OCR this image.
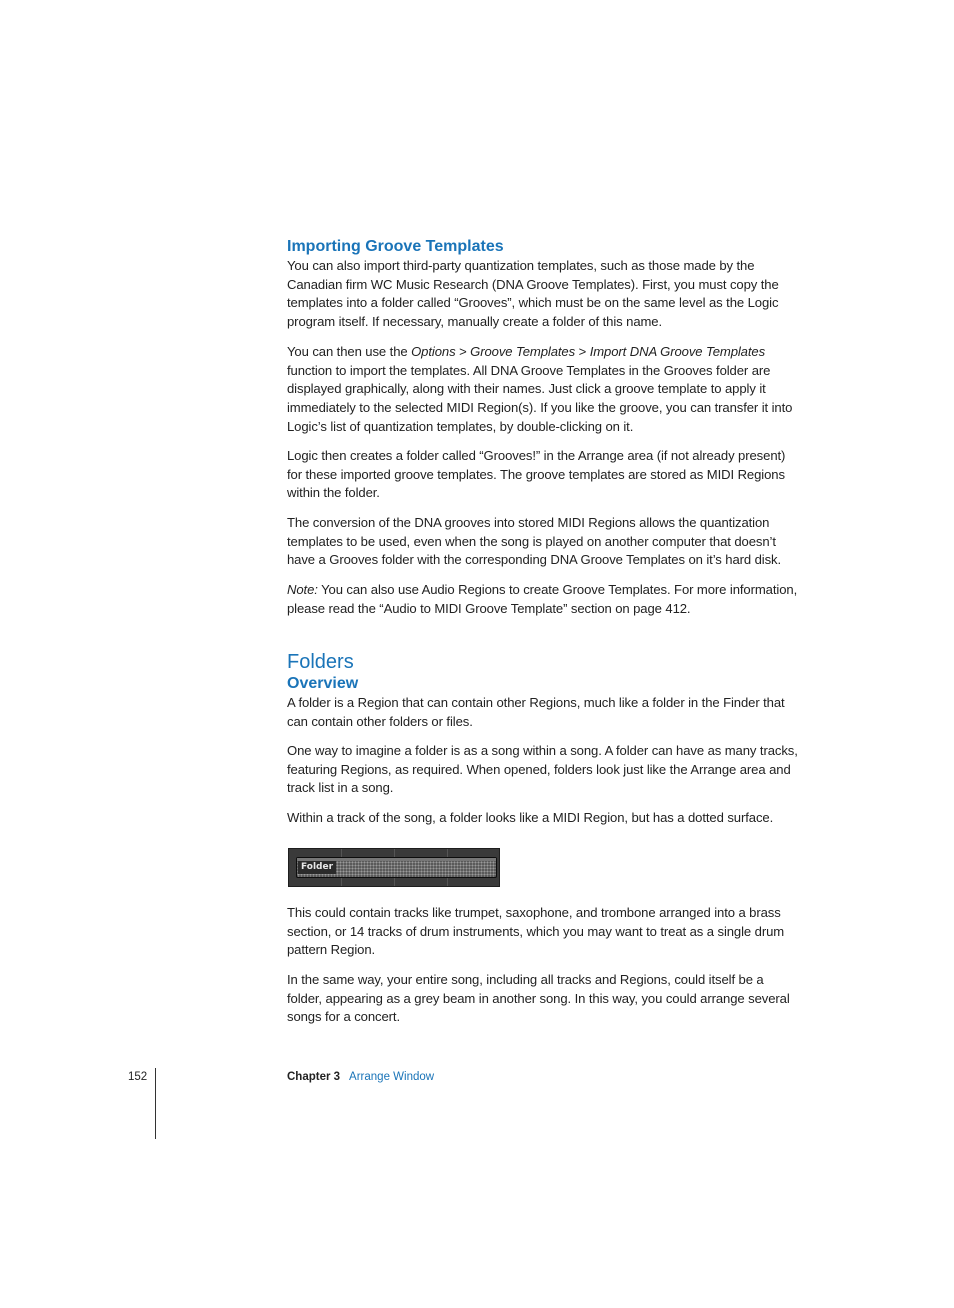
Importing Groove Templates

You can also import third-party quantization templates, such as those made by the Canadian firm WC Music Research (DNA Groove Templates). First, you must copy the templates into a folder called “Grooves”, which must be on the same level as the Logic program itself. If necessary, manually create a folder of this name.

You can then use the Options > Groove Templates > Import DNA Groove Templates function to import the templates. All DNA Groove Templates in the Grooves folder are displayed graphically, along with their names. Just click a groove template to apply it immediately to the selected MIDI Region(s). If you like the groove, you can transfer it into Logic’s list of quantization templates, by double-clicking on it.

Logic then creates a folder called “Grooves!” in the Arrange area (if not already present) for these imported groove templates. The groove templates are stored as MIDI Regions within the folder.

The conversion of the DNA grooves into stored MIDI Regions allows the quantization templates to be used, even when the song is played on another computer that doesn’t have a Grooves folder with the corresponding DNA Groove Templates on it’s hard disk.

Note: You can also use Audio Regions to create Groove Templates. For more information, please read the “Audio to MIDI Groove Template” section on page 412.

Folders
Overview

A folder is a Region that can contain other Regions, much like a folder in the Finder that can contain other folders or files.

One way to imagine a folder is as a song within a song. A folder can have as many tracks, featuring Regions, as required. When opened, folders look just like the Arrange area and track list in a song.

Within a track of the song, a folder looks like a MIDI Region, but has a dotted surface.

Folder

This could contain tracks like trumpet, saxophone, and trombone arranged into a brass section, or 14 tracks of drum instruments, which you may want to treat as a single drum pattern Region.

In the same way, your entire song, including all tracks and Regions, could itself be a folder, appearing as a grey beam in another song. In this way, you could arrange several songs for a concert.

152	Chapter 3 Arrange Window
